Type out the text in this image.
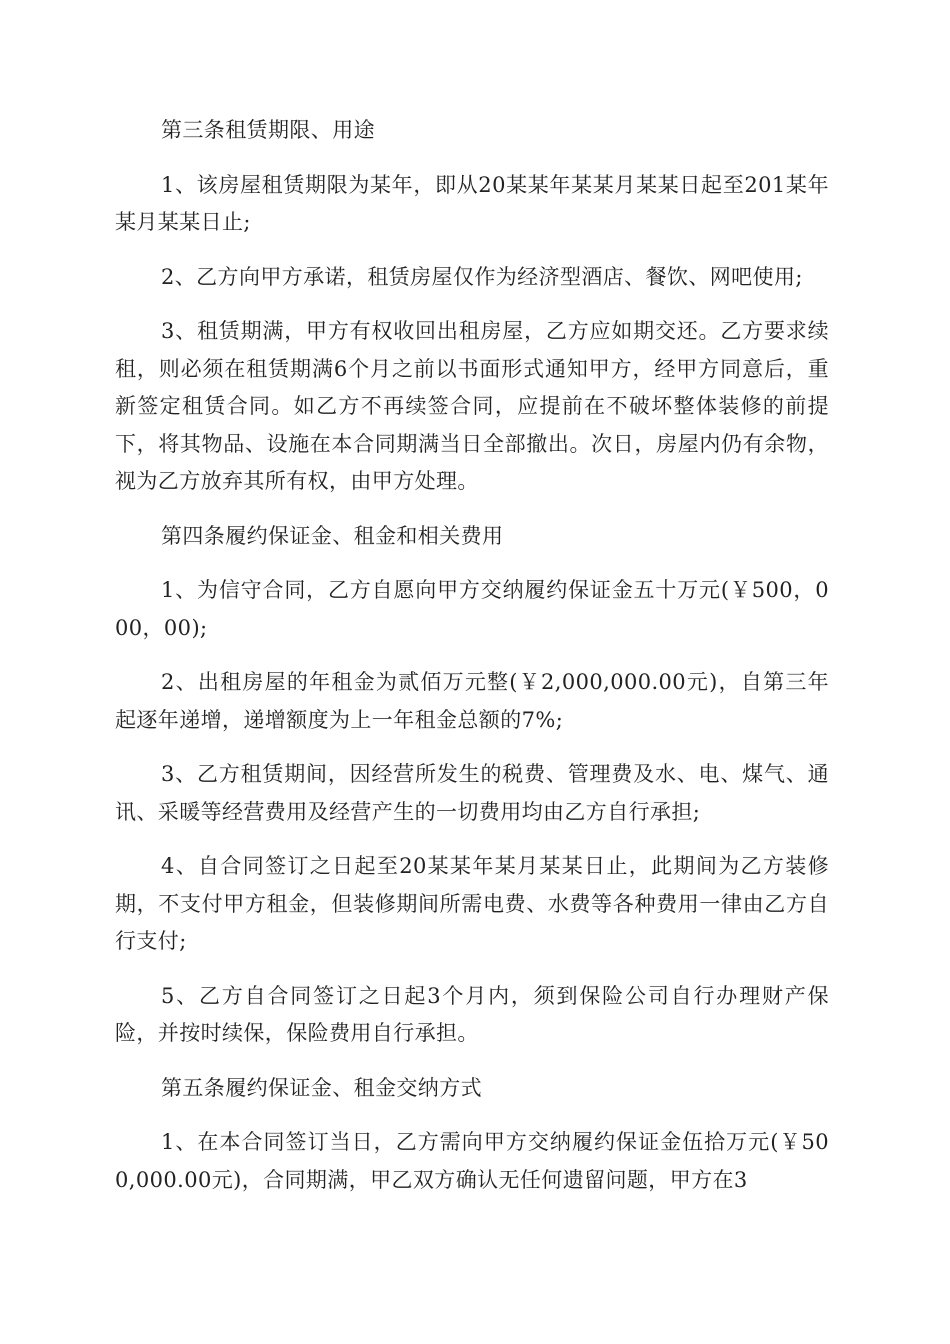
第三条租赁期限、用途

1、该房屋租赁期限为某年，即从20某某年某某月某某日起至201某年某月某某日止;

2、乙方向甲方承诺，租赁房屋仅作为经济型酒店、餐饮、网吧使用;

3、租赁期满，甲方有权收回出租房屋，乙方应如期交还。乙方要求续租，则必须在租赁期满6个月之前以书面形式通知甲方，经甲方同意后，重新签定租赁合同。如乙方不再续签合同，应提前在不破坏整体装修的前提下，将其物品、设施在本合同期满当日全部撤出。次日，房屋内仍有余物，视为乙方放弃其所有权，由甲方处理。

第四条履约保证金、租金和相关费用

1、为信守合同，乙方自愿向甲方交纳履约保证金五十万元(￥500，000，00);

2、出租房屋的年租金为贰佰万元整(￥2,000,000.00元)，自第三年起逐年递增，递增额度为上一年租金总额的7%;

3、乙方租赁期间，因经营所发生的税费、管理费及水、电、煤气、通讯、采暖等经营费用及经营产生的一切费用均由乙方自行承担;

4、自合同签订之日起至20某某年某月某某日止，此期间为乙方装修期，不支付甲方租金，但装修期间所需电费、水费等各种费用一律由乙方自行支付;

5、乙方自合同签订之日起3个月内，须到保险公司自行办理财产保险，并按时续保，保险费用自行承担。

第五条履约保证金、租金交纳方式

1、在本合同签订当日，乙方需向甲方交纳履约保证金伍拾万元(￥500,000.00元)，合同期满，甲乙双方确认无任何遗留问题，甲方在3
